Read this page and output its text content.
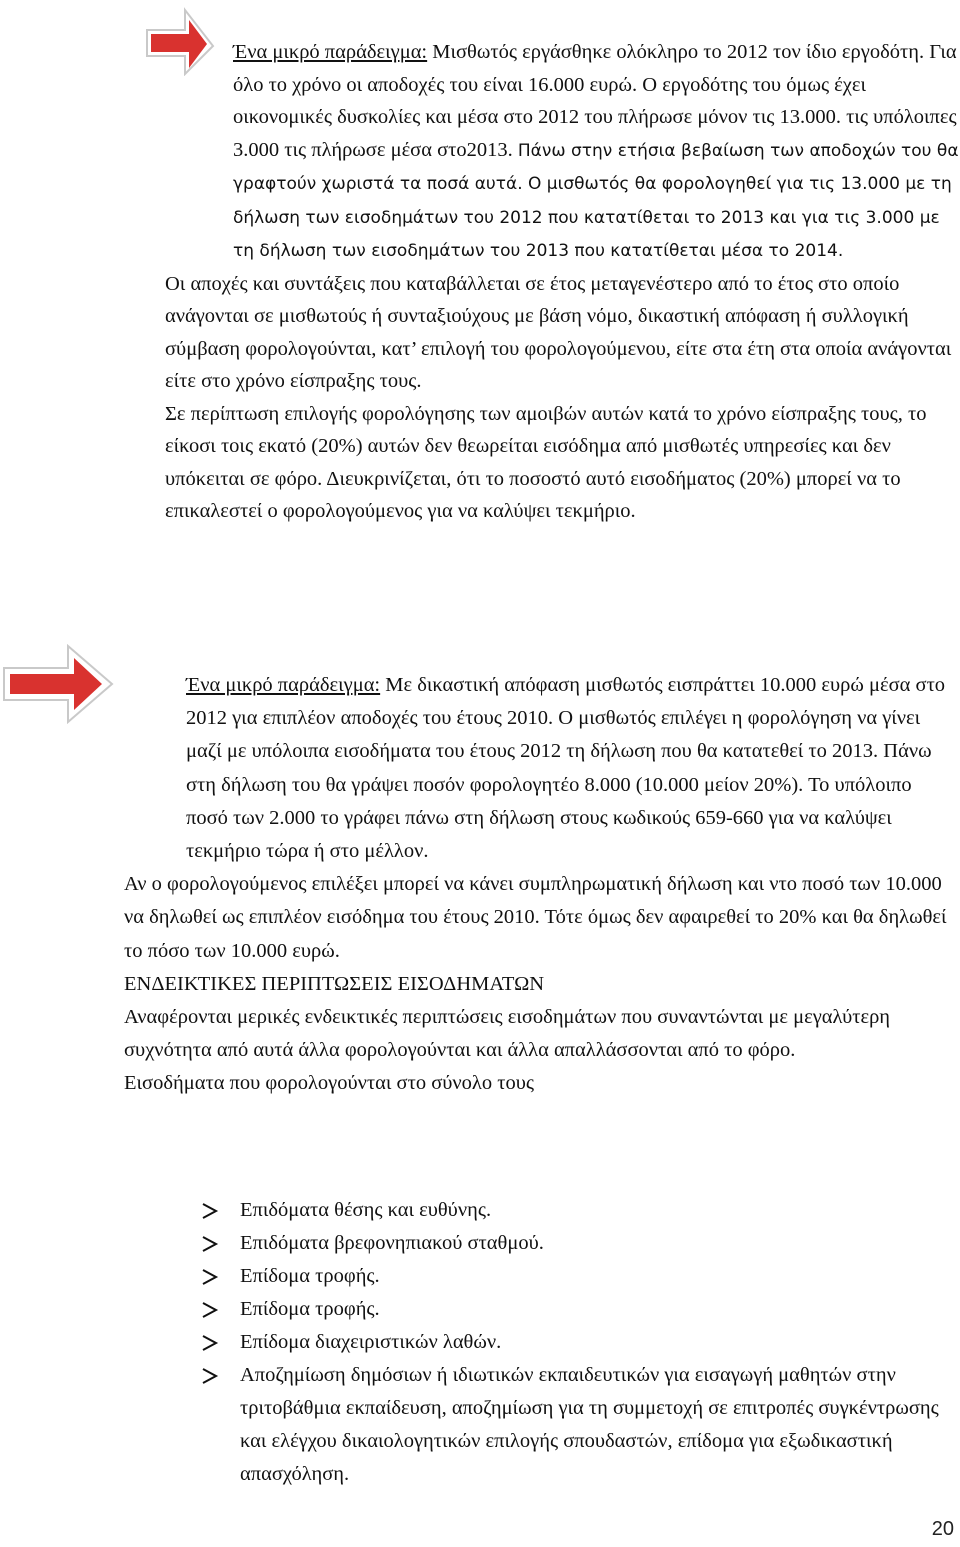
Ένα μικρό παράδειγμα: Μισθωτός εργάσθηκε ολόκληρο το 2012 τον ίδιο εργοδότη. Για όλο το χρόνο οι αποδοχές του είναι 16.000 ευρώ. Ο εργοδότης του όμως έχει οικονομικές δυσκολίες και μέσα στο 2012 του πλήρωσε μόνον τις 13.000. τις υπόλοιπες 3.000 τις πλήρωσε μέσα στο2013. Πάνω στην ετήσια βεβαίωση των αποδοχών του θα γραφτούν χωριστά τα ποσά αυτά. Ο μισθωτός θα φορολογηθεί για τις 13.000 με τη δήλωση των εισοδημάτων του 2012 που κατατίθεται το 2013 και για τις 3.000 με τη δήλωση των εισοδημάτων του 2013 που κατατίθεται μέσα το 2014.

Οι αποχές και συντάξεις που καταβάλλεται σε έτος μεταγενέστερο από το έτος στο οποίο ανάγονται σε μισθωτούς ή συνταξιούχους με βάση νόμο, δικαστική απόφαση ή συλλογική σύμβαση φορολογούνται, κατ’ επιλογή του φορολογούμενου, είτε στα έτη στα οποία ανάγονται είτε στο χρόνο είσπραξης τους.

Σε περίπτωση επιλογής φορολόγησης των αμοιβών αυτών κατά το χρόνο είσπραξης τους, το είκοσι τοις εκατό (20%) αυτών δεν θεωρείται εισόδημα από μισθωτές υπηρεσίες και δεν υπόκειται σε φόρο. Διευκρινίζεται, ότι το ποσοστό αυτό εισοδήματος (20%) μπορεί να το επικαλεστεί ο φορολογούμενος για να καλύψει τεκμήριο.

Ένα μικρό παράδειγμα: Με δικαστική απόφαση μισθωτός εισπράττει 10.000 ευρώ μέσα στο 2012 για επιπλέον αποδοχές του έτους 2010. Ο μισθωτός επιλέγει η φορολόγηση να γίνει μαζί με υπόλοιπα εισοδήματα του έτους 2012 τη δήλωση που θα κατατεθεί το 2013. Πάνω στη δήλωση του θα γράψει ποσόν φορολογητέο 8.000 (10.000 μείον 20%). Το υπόλοιπο ποσό των 2.000 το γράφει πάνω στη δήλωση στους κωδικούς 659-660 για να καλύψει τεκμήριο τώρα ή στο μέλλον.

Αν ο φορολογούμενος επιλέξει μπορεί να κάνει συμπληρωματική δήλωση και ντο ποσό των 10.000 να δηλωθεί ως επιπλέον εισόδημα του έτους 2010. Τότε όμως δεν αφαιρεθεί το 20% και θα δηλωθεί το πόσο των 10.000 ευρώ.

ΕΝΔΕΙΚΤΙΚΕΣ ΠΕΡΙΠΤΩΣΕΙΣ ΕΙΣΟΔΗΜΑΤΩΝ

Αναφέρονται μερικές ενδεικτικές περιπτώσεις εισοδημάτων που συναντώνται με μεγαλύτερη συχνότητα από αυτά άλλα φορολογούνται και άλλα απαλλάσσονται από το φόρο.

Εισοδήματα που φορολογούνται στο σύνολο τους

Επιδόματα θέσης και ευθύνης.
Επιδόματα βρεφονηπιακού σταθμού.
Επίδομα τροφής.
Επίδομα τροφής.
Επίδομα διαχειριστικών λαθών.
Αποζημίωση δημόσιων ή ιδιωτικών εκπαιδευτικών για εισαγωγή μαθητών στην τριτοβάθμια εκπαίδευση, αποζημίωση για τη συμμετοχή σε επιτροπές συγκέντρωσης και ελέγχου δικαιολογητικών επιλογής σπουδαστών, επίδομα για εξωδικαστική απασχόληση.
20
